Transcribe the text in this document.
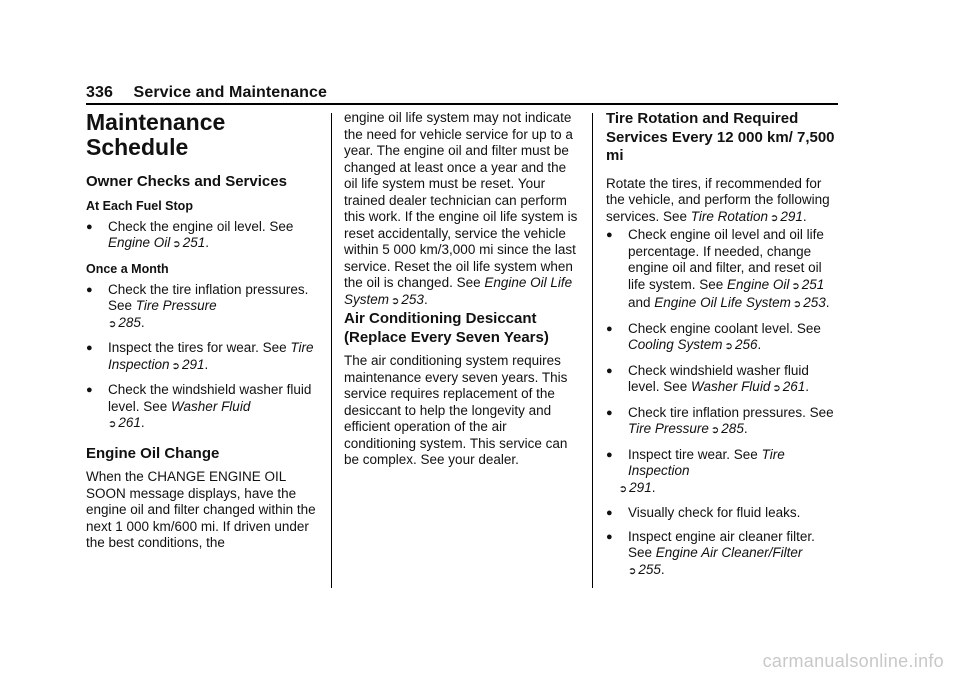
336 Service and Maintenance
Maintenance Schedule
Owner Checks and Services
At Each Fuel Stop
● Check the engine oil level. See Engine Oil ➲ 251.
Once a Month
● Check the tire inflation pressures. See Tire Pressure
➲ 285.
● Inspect the tires for wear. See Tire Inspection ➲ 291.
● Check the windshield washer fluid level. See Washer Fluid
➲ 261.
Engine Oil Change

When the CHANGE ENGINE OIL SOON message displays, have the engine oil and filter changed within the next 1 000 km/600 mi. If driven under the best conditions, the

engine oil life system may not indicate the need for vehicle service for up to a year. The engine oil and filter must be changed at least once a year and the oil life system must be reset. Your trained dealer technician can perform this work. If the engine oil life system is reset accidentally, service the vehicle within 5 000 km/3,000 mi since the last service. Reset the oil life system when the oil is changed. See Engine Oil Life System ➲ 253.

Air Conditioning Desiccant (Replace Every Seven Years)

The air conditioning system requires maintenance every seven years. This service requires replacement of the desiccant to help the longevity and efficient operation of the air conditioning system. This service can be complex. See your dealer.

Tire Rotation and Required Services Every 12 000 km/ 7,500 mi

Rotate the tires, if recommended for the vehicle, and perform the following services. See Tire Rotation ➲ 291.

● Check engine oil level and oil life percentage. If needed, change engine oil and filter, and reset oil life system. See Engine Oil ➲ 251 and Engine Oil Life System ➲ 253.
● Check engine coolant level. See Cooling System ➲ 256.
● Check windshield washer fluid level. See Washer Fluid ➲ 261.
● Check tire inflation pressures. See Tire Pressure ➲ 285.
● Inspect tire wear. See Tire Inspection
➲ 291.
● Visually check for fluid leaks.
● Inspect engine air cleaner filter. See Engine Air Cleaner/Filter
➲ 255.
carmanualsonline.info
